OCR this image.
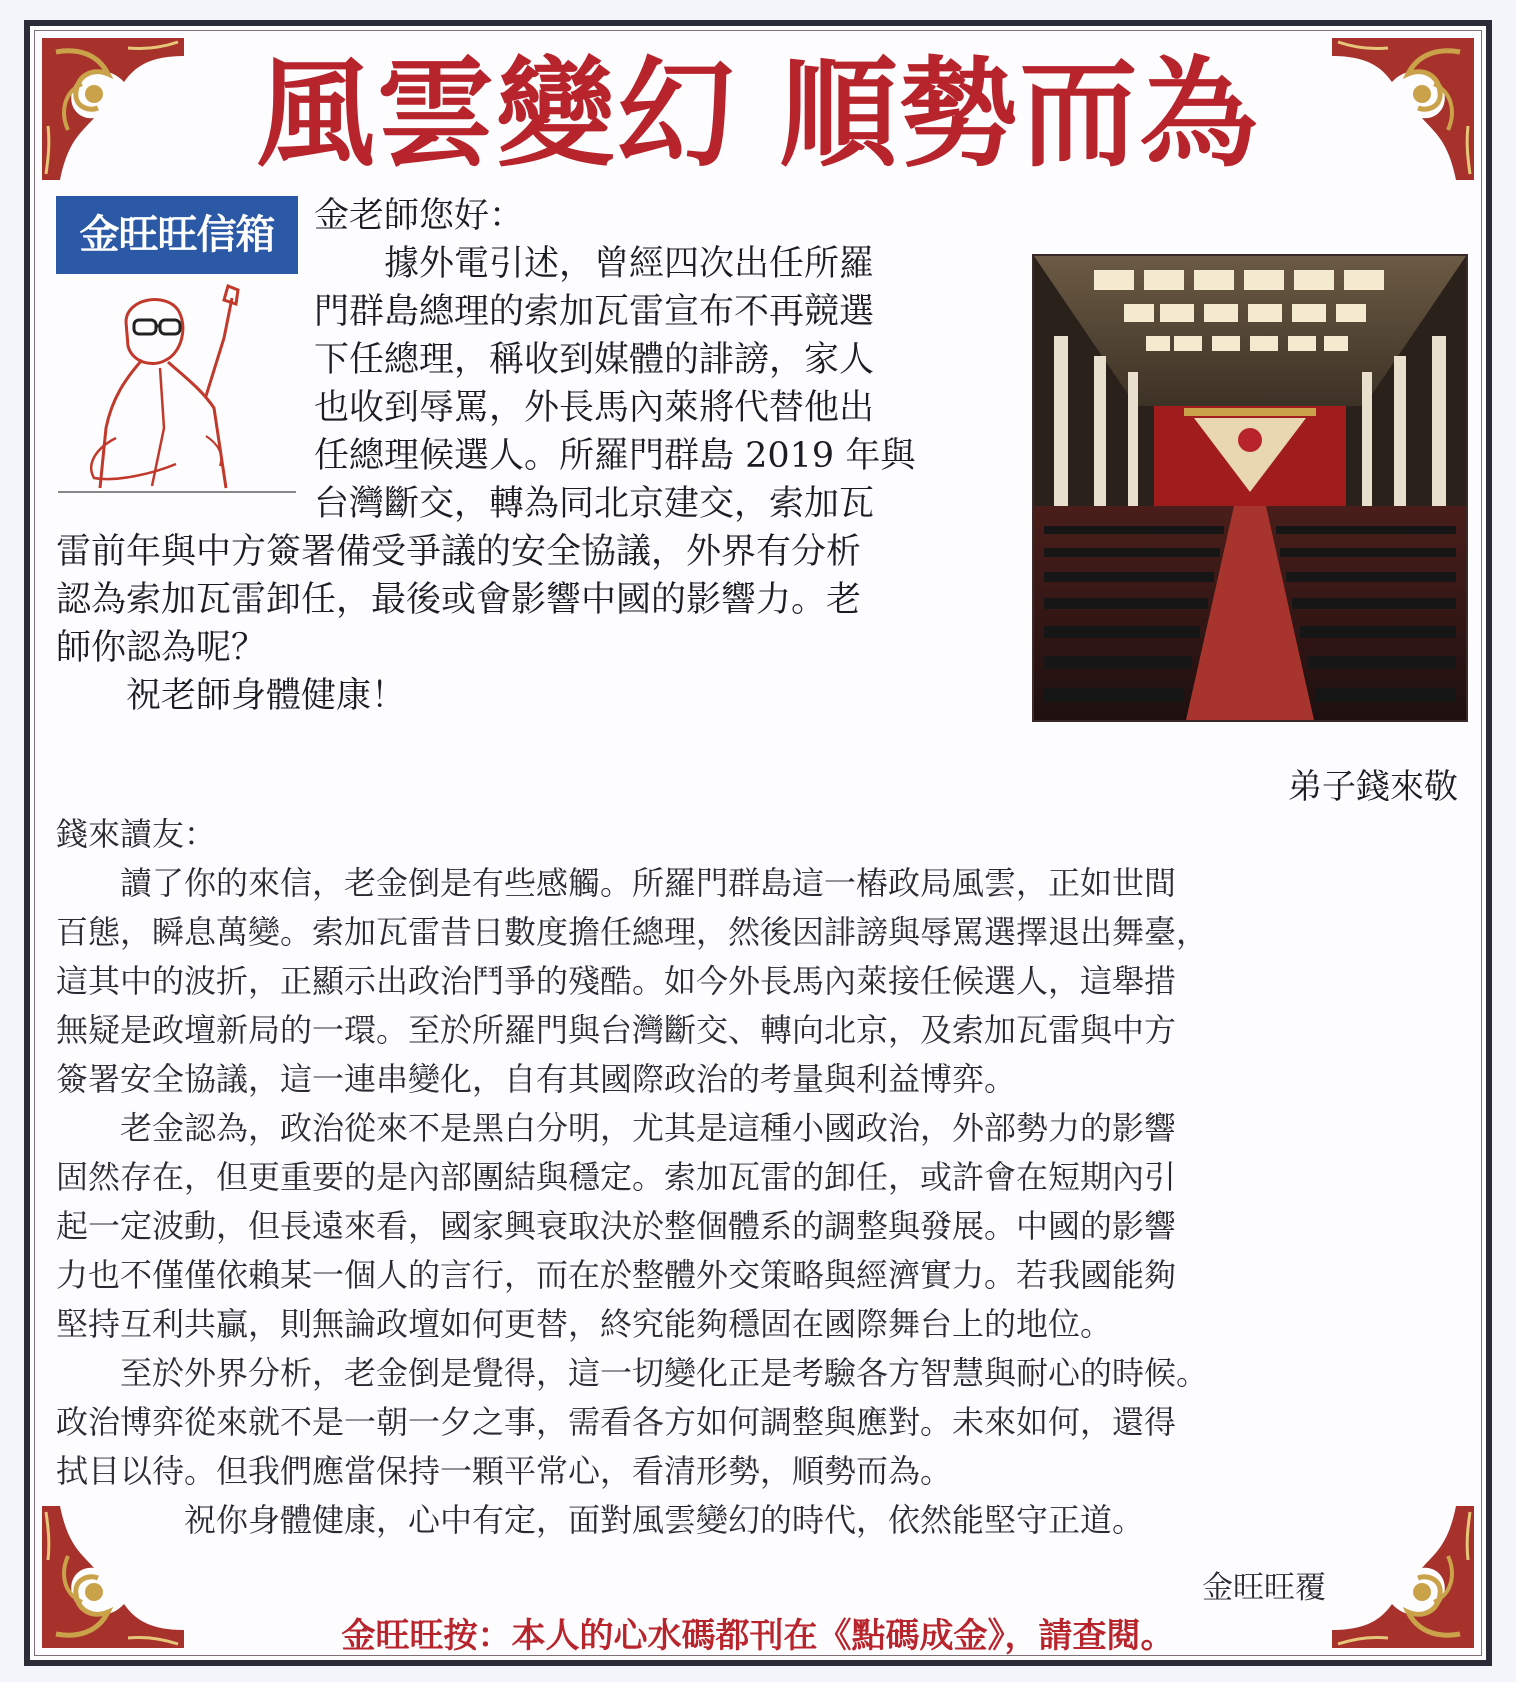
風雲變幻 順勢而為
金旺旺信箱	金老師您好：

據外電引述，曾經四次出任所羅

門群島總理的索加瓦雷宣布不再競選

下任總理，稱收到媒體的誹謗，家人

也收到辱罵，外長馬內萊將代替他出

任總理候選人。所羅門群島 2019 年與

台灣斷交，轉為同北京建交，索加瓦

雷前年與中方簽署備受爭議的安全協議，外界有分析

認為索加瓦雷卸任，最後或會影響中國的影響力。老

師你認為呢？

祝老師身體健康！

弟子錢來敬

錢來讀友：

讀了你的來信，老金倒是有些感觸。所羅門群島這一樁政局風雲，正如世間

百態，瞬息萬變。索加瓦雷昔日數度擔任總理，然後因誹謗與辱罵選擇退出舞臺，

這其中的波折，正顯示出政治鬥爭的殘酷。如今外長馬內萊接任候選人，這舉措

無疑是政壇新局的一環。至於所羅門與台灣斷交、轉向北京，及索加瓦雷與中方

簽署安全協議，這一連串變化，自有其國際政治的考量與利益博弈。

老金認為，政治從來不是黑白分明，尤其是這種小國政治，外部勢力的影響

固然存在，但更重要的是內部團結與穩定。索加瓦雷的卸任，或許會在短期內引

起一定波動，但長遠來看，國家興衰取決於整個體系的調整與發展。中國的影響

力也不僅僅依賴某一個人的言行，而在於整體外交策略與經濟實力。若我國能夠

堅持互利共贏，則無論政壇如何更替，終究能夠穩固在國際舞台上的地位。

至於外界分析，老金倒是覺得，這一切變化正是考驗各方智慧與耐心的時候。

政治博弈從來就不是一朝一夕之事，需看各方如何調整與應對。未來如何，還得

拭目以待。但我們應當保持一顆平常心，看清形勢，順勢而為。

祝你身體健康，心中有定，面對風雲變幻的時代，依然能堅守正道。

金旺旺覆
金旺旺按：本人的心水碼都刊在《點碼成金》，請查閱。
